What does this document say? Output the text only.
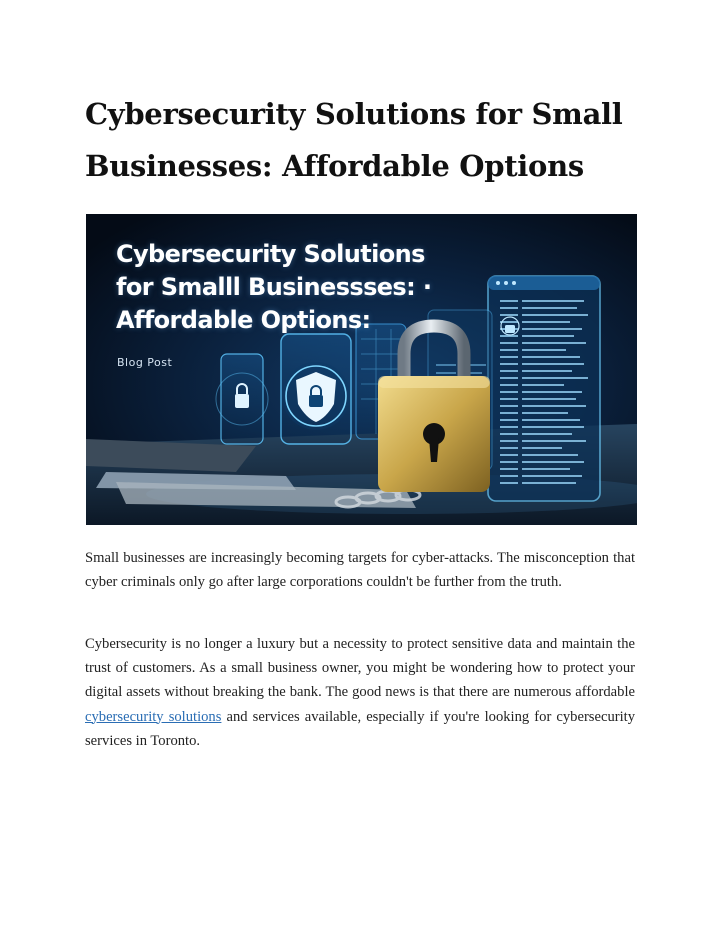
Cybersecurity Solutions for Small Businesses: Affordable Options
Cybersecurity Solutions
for Smalll Businessses: ·
Affordable Options:
Blog Post

Small businesses are increasingly becoming targets for cyber-attacks. The misconception that cyber criminals only go after large corporations couldn't be further from the truth.

Cybersecurity is no longer a luxury but a necessity to protect sensitive data and maintain the trust of customers. As a small business owner, you might be wondering how to protect your digital assets without breaking the bank. The good news is that there are numerous affordable cybersecurity solutions and services available, especially if you're looking for cybersecurity services in Toronto.
